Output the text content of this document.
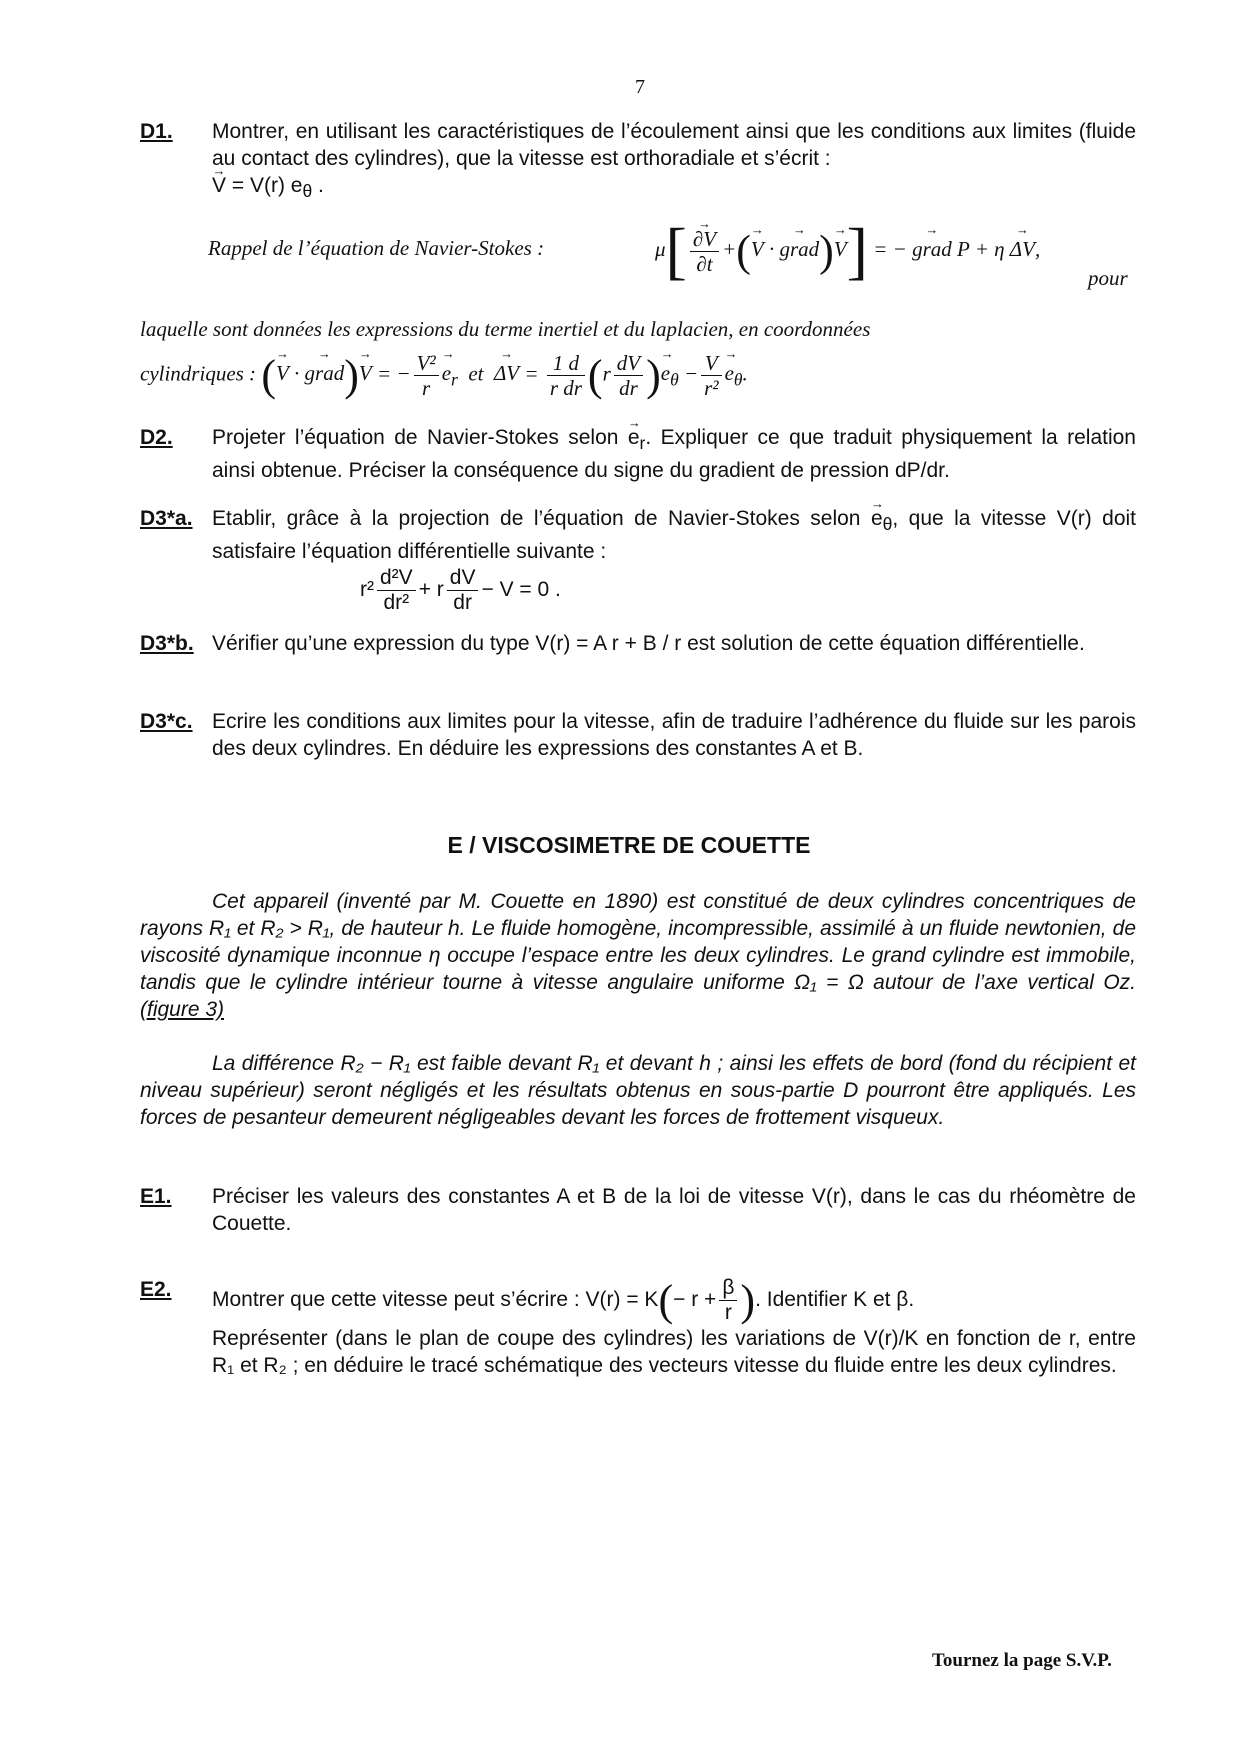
7
D1. Montrer, en utilisant les caractéristiques de l’écoulement ainsi que les conditions aux limites (fluide au contact des cylindres), que la vitesse est orthoradiale et s’écrit :
→ V = V(r) $e_\theta$ .
Rappel de l’équation de Navier-Stokes :	μ[
→ $\frac{\partial V}{\partial t}$ +(→ V · → grad)→ V] = − → grad P + η → ΔV,
pour
laquelle sont données les expressions du terme inertiel et du laplacien, en coordonnées
cylindriques : (→ V · → grad)→ V = − $\frac{\text{V²}}{r}$
→ $e_r$ et  → $\Delta V = \frac{1 d}{\text{r dr}} (r \frac{dV}{dr}$ )→ $e_\theta - \frac{V}{\text{r²}}$
→ $e_\theta$.
D2. Projeter l’équation de Navier-Stokes selon → $e_r$. Expliquer ce que traduit physiquement la relation ainsi obtenue. Préciser la conséquence du signe du gradient de pression dP/dr.
D3*a. Etablir, grâce à la projection de l’équation de Navier-Stokes selon → $e_\theta$, que la vitesse V(r) doit satisfaire l’équation différentielle suivante :
$r^2 \frac{\text{d²V}}{\text{dr²}} + r \frac{dV}{dr} - V = 0$ .
D3*b. Vérifier qu’une expression du type V(r) = A r + B / r est solution de cette équation différentielle.
D3*c. Ecrire les conditions aux limites pour la vitesse, afin de traduire l’adhérence du fluide sur les parois des deux cylindres. En déduire les expressions des constantes A et B.
E / VISCOSIMETRE DE COUETTE
Cet appareil (inventé par M. Couette en 1890) est constitué de deux cylindres concentriques de rayons R₁ et R₂ > R₁, de hauteur h. Le fluide homogène, incompressible, assimilé à un fluide newtonien, de viscosité dynamique inconnue η occupe l’espace entre les deux cylindres. Le grand cylindre est immobile, tandis que le cylindre intérieur tourne à vitesse angulaire uniforme Ω₁ = Ω autour de l’axe vertical Oz. (figure 3)
La différence R₂ − R₁ est faible devant R₁ et devant h ; ainsi les effets de bord (fond du récipient et niveau supérieur) seront négligés et les résultats obtenus en sous-partie D pourront être appliqués. Les forces de pesanteur demeurent négligeables devant les forces de frottement visqueux.
E1. Préciser les valeurs des constantes A et B de la loi de vitesse V(r), dans le cas du rhéomètre de Couette.
E2. Montrer que cette vitesse peut s’écrire : $V(r) = K(- r + \frac{\beta}{r}$ ). Identifier K et β.
Représenter (dans le plan de coupe des cylindres) les variations de V(r)/K en fonction de r, entre R₁ et R₂ ; en déduire le tracé schématique des vecteurs vitesse du fluide entre les deux cylindres.
Tournez la page S.V.P.
